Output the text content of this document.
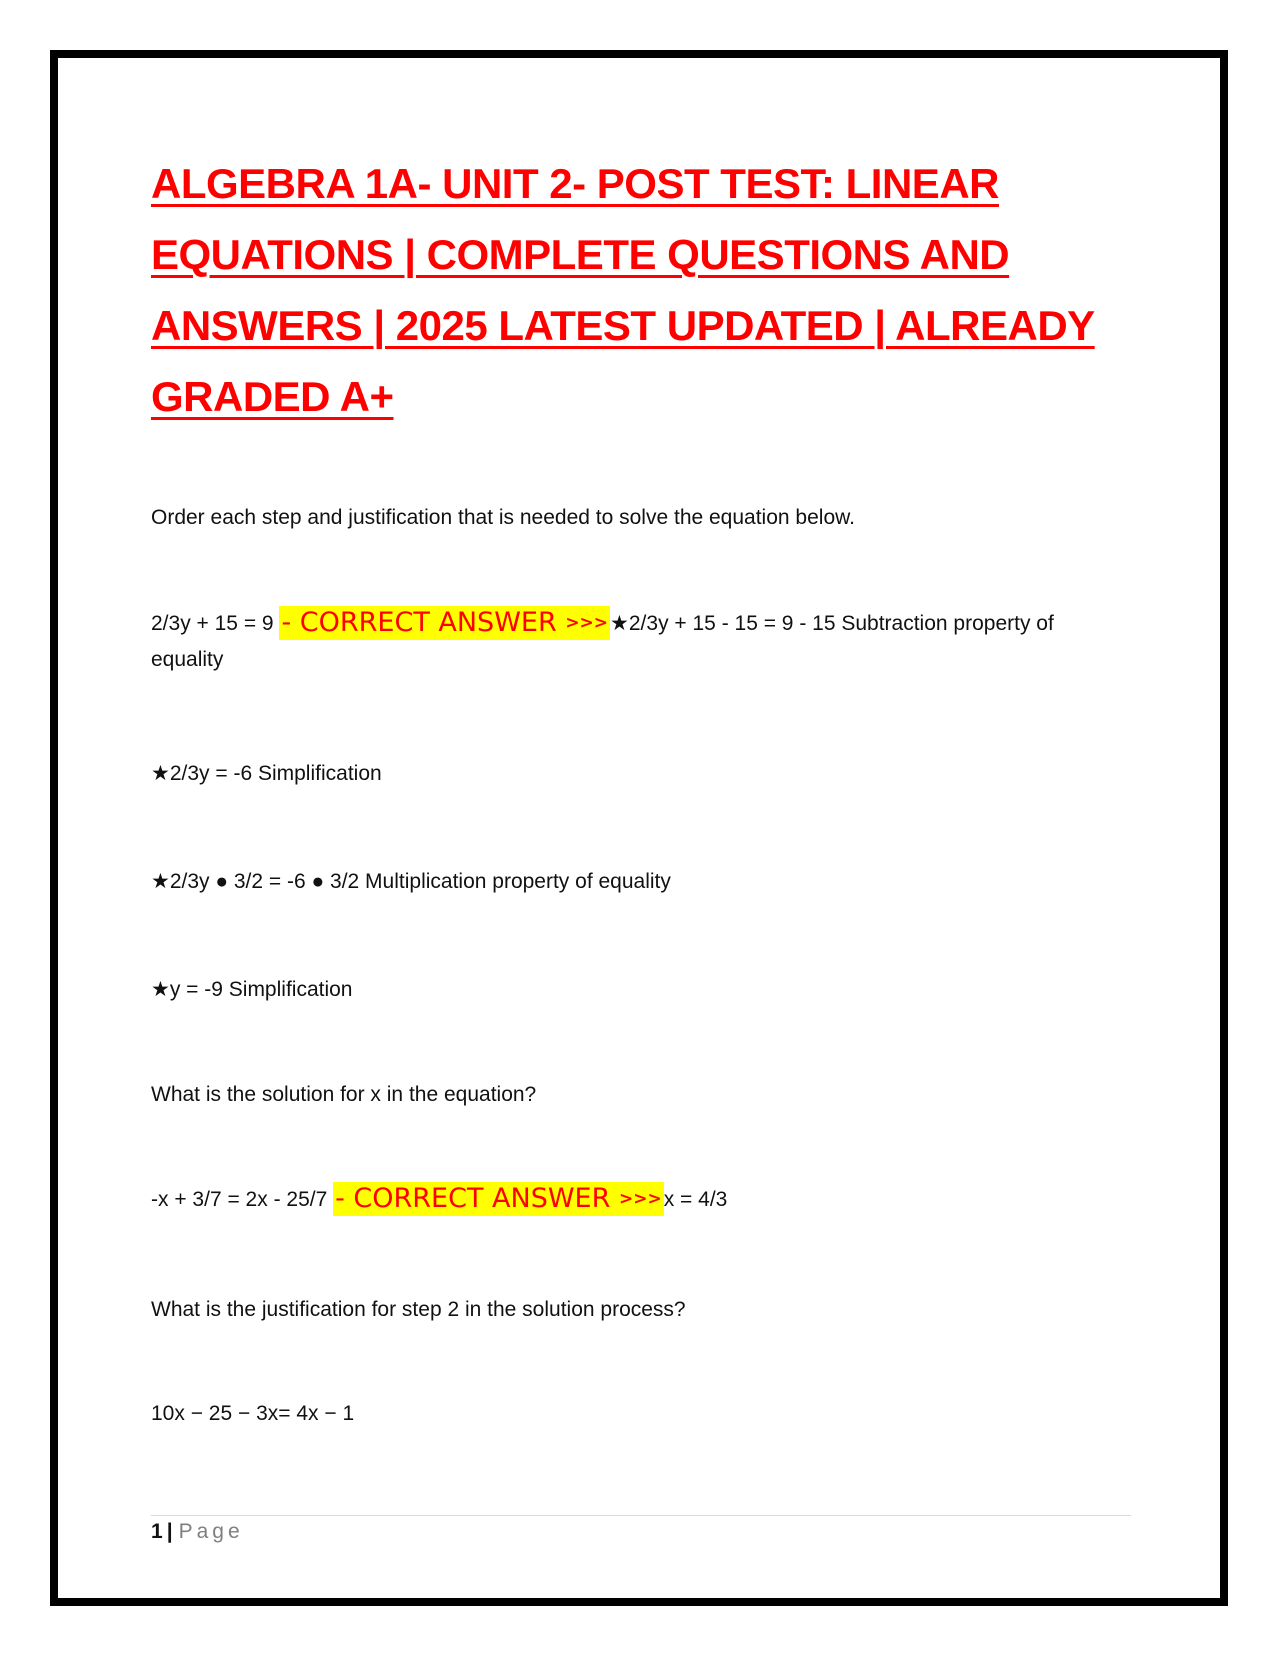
ALGEBRA 1A- UNIT 2- POST TEST: LINEAR EQUATIONS | COMPLETE QUESTIONS AND ANSWERS | 2025 LATEST UPDATED | ALREADY GRADED A+

Order each step and justification that is needed to solve the equation below.

2/3y + 15 = 9 - CORRECT ANSWER >>>★2/3y + 15 - 15 = 9 - 15 Subtraction property of

equality

★2/3y = -6 Simplification

★2/3y ● 3/2 = -6 ● 3/2 Multiplication property of equality

★y = -9 Simplification

What is the solution for x in the equation?

-x + 3/7 = 2x - 25/7 - CORRECT ANSWER >>>x = 4/3

What is the justification for step 2 in the solution process?

10x − 25 − 3x= 4x − 1

1 | Page
